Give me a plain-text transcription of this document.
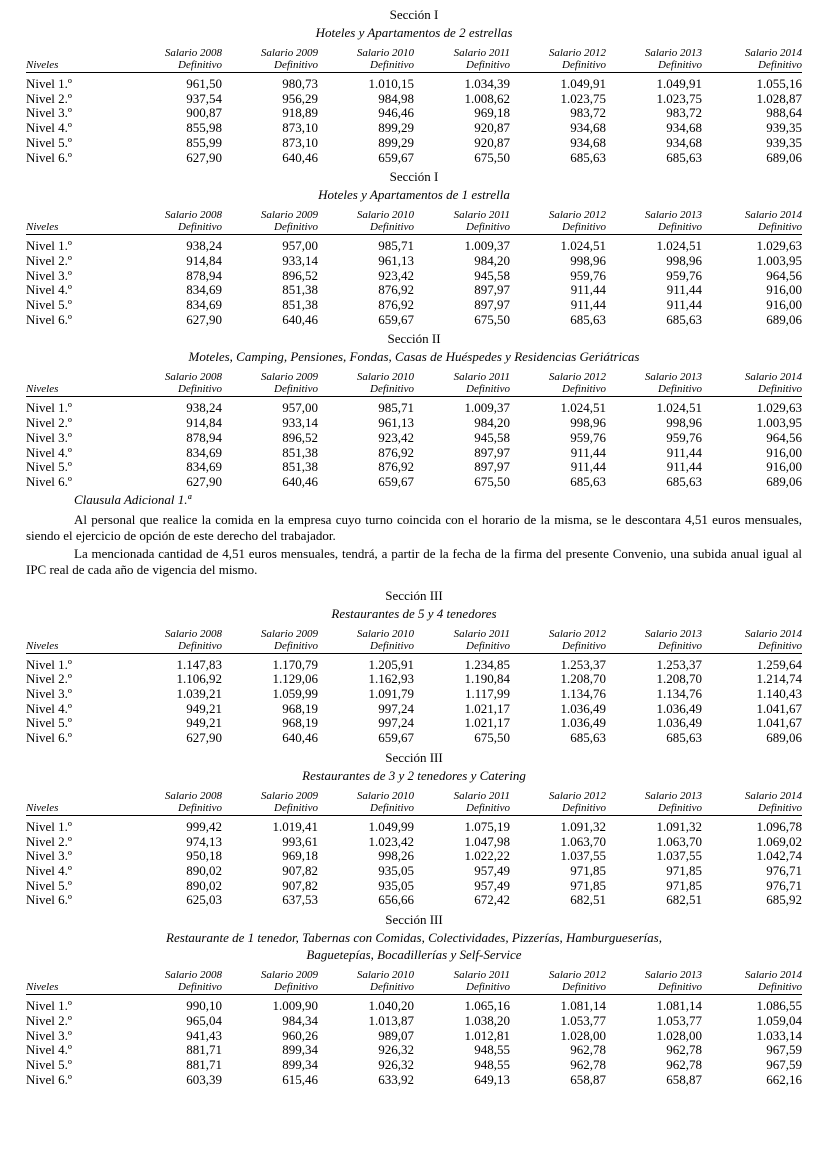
Sección I
Hoteles y Apartamentos de 2 estrellas
	Salario 2008	Salario 2009	Salario 2010	Salario 2011	Salario 2012	Salario 2013	Salario 2014
Niveles	Definitivo	Definitivo	Definitivo	Definitivo	Definitivo	Definitivo	Definitivo
Nivel 1.º	961,50	980,73	1.010,15	1.034,39	1.049,91	1.049,91	1.055,16
Nivel 2.º	937,54	956,29	984,98	1.008,62	1.023,75	1.023,75	1.028,87
Nivel 3.º	900,87	918,89	946,46	969,18	983,72	983,72	988,64
Nivel 4.º	855,98	873,10	899,29	920,87	934,68	934,68	939,35
Nivel 5.º	855,99	873,10	899,29	920,87	934,68	934,68	939,35
Nivel 6.º	627,90	640,46	659,67	675,50	685,63	685,63	689,06
Sección I
Hoteles y Apartamentos de 1 estrella
	Salario 2008	Salario 2009	Salario 2010	Salario 2011	Salario 2012	Salario 2013	Salario 2014
Niveles	Definitivo	Definitivo	Definitivo	Definitivo	Definitivo	Definitivo	Definitivo
Nivel 1.º	938,24	957,00	985,71	1.009,37	1.024,51	1.024,51	1.029,63
Nivel 2.º	914,84	933,14	961,13	984,20	998,96	998,96	1.003,95
Nivel 3.º	878,94	896,52	923,42	945,58	959,76	959,76	964,56
Nivel 4.º	834,69	851,38	876,92	897,97	911,44	911,44	916,00
Nivel 5.º	834,69	851,38	876,92	897,97	911,44	911,44	916,00
Nivel 6.º	627,90	640,46	659,67	675,50	685,63	685,63	689,06
Sección II
Moteles, Camping, Pensiones, Fondas, Casas de Huéspedes y Residencias Geriátricas
	Salario 2008	Salario 2009	Salario 2010	Salario 2011	Salario 2012	Salario 2013	Salario 2014
Niveles	Definitivo	Definitivo	Definitivo	Definitivo	Definitivo	Definitivo	Definitivo
Nivel 1.º	938,24	957,00	985,71	1.009,37	1.024,51	1.024,51	1.029,63
Nivel 2.º	914,84	933,14	961,13	984,20	998,96	998,96	1.003,95
Nivel 3.º	878,94	896,52	923,42	945,58	959,76	959,76	964,56
Nivel 4.º	834,69	851,38	876,92	897,97	911,44	911,44	916,00
Nivel 5.º	834,69	851,38	876,92	897,97	911,44	911,44	916,00
Nivel 6.º	627,90	640,46	659,67	675,50	685,63	685,63	689,06
Clausula Adicional 1.ª
Al personal que realice la comida en la empresa cuyo turno coincida con el horario de la misma, se le descontara 4,51 euros mensuales, siendo el ejercicio de opción de este derecho del trabajador.
La mencionada cantidad de 4,51 euros mensuales, tendrá, a partir de la fecha de la firma del presente Convenio, una subida anual igual al IPC real de cada año de vigencia del mismo.
Sección III
Restaurantes de 5 y 4 tenedores
	Salario 2008	Salario 2009	Salario 2010	Salario 2011	Salario 2012	Salario 2013	Salario 2014
Niveles	Definitivo	Definitivo	Definitivo	Definitivo	Definitivo	Definitivo	Definitivo
Nivel 1.º	1.147,83	1.170,79	1.205,91	1.234,85	1.253,37	1.253,37	1.259,64
Nivel 2.º	1.106,92	1.129,06	1.162,93	1.190,84	1.208,70	1.208,70	1.214,74
Nivel 3.º	1.039,21	1.059,99	1.091,79	1.117,99	1.134,76	1.134,76	1.140,43
Nivel 4.º	949,21	968,19	997,24	1.021,17	1.036,49	1.036,49	1.041,67
Nivel 5.º	949,21	968,19	997,24	1.021,17	1.036,49	1.036,49	1.041,67
Nivel 6.º	627,90	640,46	659,67	675,50	685,63	685,63	689,06
Sección III
Restaurantes de 3 y 2 tenedores y Catering
	Salario 2008	Salario 2009	Salario 2010	Salario 2011	Salario 2012	Salario 2013	Salario 2014
Niveles	Definitivo	Definitivo	Definitivo	Definitivo	Definitivo	Definitivo	Definitivo
Nivel 1.º	999,42	1.019,41	1.049,99	1.075,19	1.091,32	1.091,32	1.096,78
Nivel 2.º	974,13	993,61	1.023,42	1.047,98	1.063,70	1.063,70	1.069,02
Nivel 3.º	950,18	969,18	998,26	1.022,22	1.037,55	1.037,55	1.042,74
Nivel 4.º	890,02	907,82	935,05	957,49	971,85	971,85	976,71
Nivel 5.º	890,02	907,82	935,05	957,49	971,85	971,85	976,71
Nivel 6.º	625,03	637,53	656,66	672,42	682,51	682,51	685,92
Sección III
Restaurante de 1 tenedor, Tabernas con Comidas, Colectividades, Pizzerías, Hamburgueserías,
Baguetерías, Bocadillerías y Self-Service
	Salario 2008	Salario 2009	Salario 2010	Salario 2011	Salario 2012	Salario 2013	Salario 2014
Niveles	Definitivo	Definitivo	Definitivo	Definitivo	Definitivo	Definitivo	Definitivo
Nivel 1.º	990,10	1.009,90	1.040,20	1.065,16	1.081,14	1.081,14	1.086,55
Nivel 2.º	965,04	984,34	1.013,87	1.038,20	1.053,77	1.053,77	1.059,04
Nivel 3.º	941,43	960,26	989,07	1.012,81	1.028,00	1.028,00	1.033,14
Nivel 4.º	881,71	899,34	926,32	948,55	962,78	962,78	967,59
Nivel 5.º	881,71	899,34	926,32	948,55	962,78	962,78	967,59
Nivel 6.º	603,39	615,46	633,92	649,13	658,87	658,87	662,16
